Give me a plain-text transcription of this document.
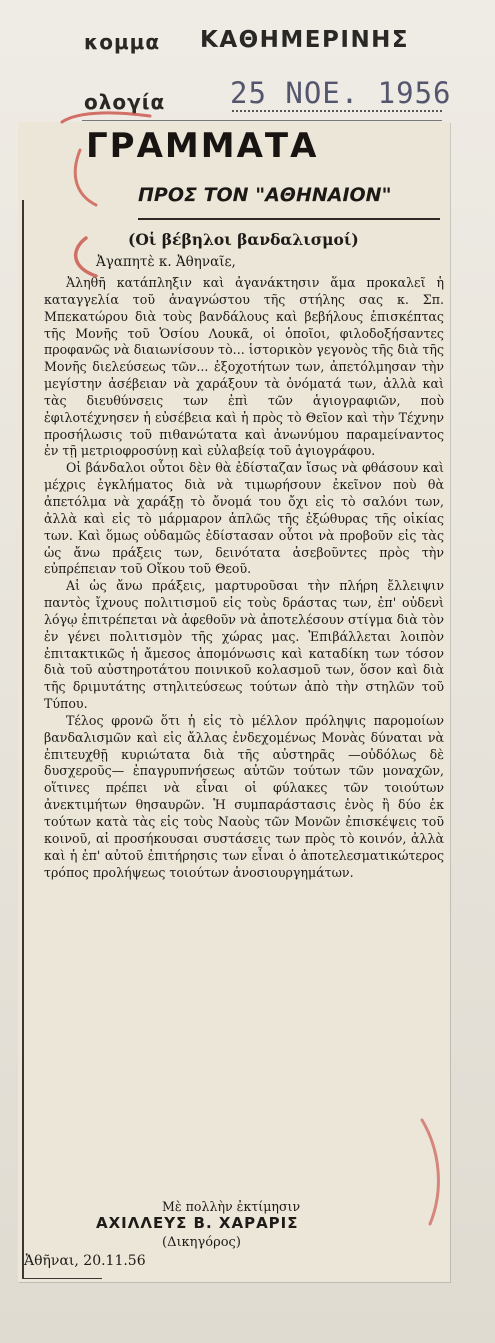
κομμα ΚΑΘΗΜΕΡΙΝΗΣ
ολογία 25 ΝΟΕ. 1956
ΓΡΑΜΜΑΤΑ
ΠΡΟΣ ΤΟΝ "ΑΘΗΝΑΙΟΝ"
(Οἱ βέβηλοι βανδαλισμοί)
Ἀγαπητὲ κ. Ἀθηναῖε,

Ἀληθῆ κατάπληξιν καὶ ἀγανάκτησιν ἅμα προκαλεῖ ἡ καταγγελία τοῦ ἀναγνώστου τῆς στήλης σας κ. Σπ. Μπεκατώρου διὰ τοὺς βανδάλους καὶ βεβήλους ἐπισκέπτας τῆς Μονῆς τοῦ Ὁσίου Λουκᾶ, οἱ ὁποῖοι, φιλοδοξήσαντες προφανῶς νὰ διαιωνίσουν τὸ... ἱστορικὸν γεγονὸς τῆς διὰ τῆς Μονῆς διελεύσεως τῶν... ἐξοχοτήτων των, ἀπετόλμησαν τὴν μεγίστην ἀσέβειαν νὰ χαράξουν τὰ ὀνόματά των, ἀλλὰ καὶ τὰς διευθύνσεις των ἐπὶ τῶν ἁγιογραφιῶν, ποὺ ἐφιλοτέχνησεν ἡ εὐσέβεια καὶ ἡ πρὸς τὸ Θεῖον καὶ τὴν Τέχνην προσήλωσις τοῦ πιθανώτατα καὶ ἀνωνύμου παραμείναντος ἐν τῇ μετριοφροσύνῃ καὶ εὐλαβείᾳ τοῦ ἁγιογράφου.

Οἱ βάνδαλοι οὗτοι δὲν θὰ ἐδίσταζαν ἴσως νὰ φθάσουν καὶ μέχρις ἐγκλήματος διὰ νὰ τιμωρήσουν ἐκεῖνον ποὺ θὰ ἀπετόλμα νὰ χαράξῃ τὸ ὄνομά του ὄχι εἰς τὸ σαλόνι των, ἀλλὰ καὶ εἰς τὸ μάρμαρον ἁπλῶς τῆς ἐξώθυρας τῆς οἰκίας των. Καὶ ὅμως οὐδαμῶς ἐδίστασαν οὗτοι νὰ προβοῦν εἰς τὰς ὡς ἄνω πράξεις των, δεινότατα ἀσεβοῦντες πρὸς τὴν εὐπρέπειαν τοῦ Οἴκου τοῦ Θεοῦ.

Αἱ ὡς ἄνω πράξεις, μαρτυροῦσαι τὴν πλήρη ἔλλειψιν παντὸς ἴχνους πολιτισμοῦ εἰς τοὺς δράστας των, ἐπ' οὐδενὶ λόγῳ ἐπιτρέπεται νὰ ἀφεθοῦν νὰ ἀποτελέσουν στίγμα διὰ τὸν ἐν γένει πολιτισμὸν τῆς χώρας μας. Ἐπιβάλλεται λοιπὸν ἐπιτακτικῶς ἡ ἄμεσος ἀπομόνωσις καὶ καταδίκη των τόσον διὰ τοῦ αὐστηροτάτου ποινικοῦ κολασμοῦ των, ὅσον καὶ διὰ τῆς δριμυτάτης στηλιτεύσεως τούτων ἀπὸ τὴν στηλῶν τοῦ Τύπου.

Τέλος φρονῶ ὅτι ἡ εἰς τὸ μέλλον πρόληψις παρομοίων βανδαλισμῶν καὶ εἰς ἄλλας ἐνδεχομένως Μονὰς δύναται νὰ ἐπιτευχθῇ κυριώτατα διὰ τῆς αὐστηρᾶς —οὐδόλως δὲ δυσχεροῦς— ἐπαγρυπνήσεως αὐτῶν τούτων τῶν μοναχῶν, οἵτινες πρέπει νὰ εἶναι οἱ φύλακες τῶν τοιούτων ἀνεκτιμήτων θησαυρῶν. Ἡ συμπαράστασις ἑνὸς ἢ δύο ἐκ τούτων κατὰ τὰς εἰς τοὺς Ναοὺς τῶν Μονῶν ἐπισκέψεις τοῦ κοινοῦ, αἱ προσήκουσαι συστάσεις των πρὸς τὸ κοινόν, ἀλλὰ καὶ ἡ ἐπ' αὐτοῦ ἐπιτήρησις των εἶναι ὁ ἀποτελεσματικώτερος τρόπος προλήψεως τοιούτων ἀνοσιουργημάτων.

Μὲ πολλὴν ἐκτίμησιν
ΑΧΙΛΛΕΥΣ Β. ΧΑΡΑΡΙΣ
(Δικηγόρος)
Ἀθῆναι, 20.11.56
